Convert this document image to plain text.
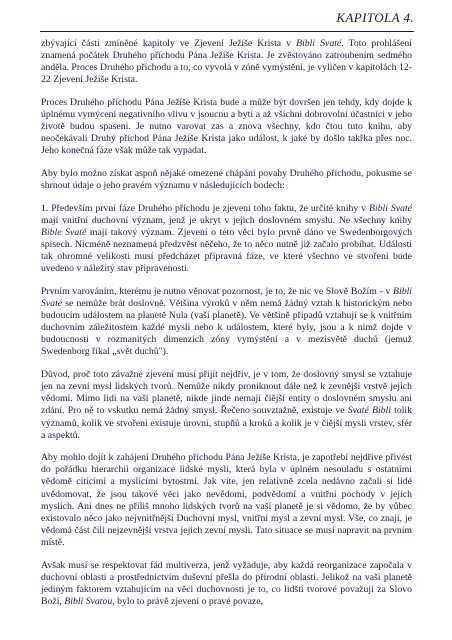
KAPITOLA 4.

zbývající části zmíněné kapitoly ve Zjevení Ježíše Krista v Bibli Svaté. Toto prohlášení znamená počátek Druhého příchodu Pána Ježíše Krista. Je zvěstováno zatroubením sedmého anděla. Proces Druhého příchodu a to, co vyvolá v zóně vymýstění, je vyličen v kapitolách 12-22 Zjevení Ježíše Krista.

Proces Druhého příchodu Pána Ježíše Krista bude a může být dovršen jen tehdy, kdy dojde k úplnému vymýcení negativního vlivu v jsoucnu a bytí a až všichni dobrovolní účastníci v jeho životě budou spaseni. Je nutno varovat zas a znova všechny, kdo čtou tuto knihu, aby neočekávali Druhý příchod Pána Ježíše Krista jako událost, k jaké by došlo takřka přes noc. Jeho konečná fáze však může tak vypadat.

Aby bylo možno získat aspoň nějaké omezené chápání povahy Druhého příchodu, pokusme se shrnout údaje o jeho pravém významu v následujících bodech:

1. Především první fáze Druhého příchodu je zjevení toho faktu, že určité knihy v Bibli Svaté mají vnitřní duchovní význam, jenž je ukryt v jejich doslovném smyslu. Ne všechny knihy Bible Svaté mají takový význam. Zjevení o této věci bylo prvně dáno ve Swedenborgových spisech. Nicméně neznamená předzvěst něčeho, že to něco nutně již začalo probíhat. Události tak ohromné velikosti musí předcházet přípravná fáze, ve které všechno ve stvoření bude uvedeno v náležitý stav připravenosti.

Prvním varováním, kterému je nutno věnovat pozornost, je to, že nic ve Slově Božím - v Bibli Svaté se nemůže brát doslovně. Většina výroků v něm nemá žádný vztah k historickým nebo budoucím událostem na planetě Nula (vaší planetě). Ve většině případů vztahují se k vnitřním duchovním záležitostem každé mysli nebo k událostem, které byly, jsou a k nimž dojde v budoucnosti v rozmanitých dimenzích zóny vymýstění a v mezisvětě duchů (jemuž Swedenborg říkal „svět duchů").

Důvod, proč toto závažné zjevení musí přijít nejdřív, je v tom, že doslovný smysl se vztahuje jen na zevní mysl lidských tvorů. Nemůže nikdy proniknout dále než k zevnější vrstvě jejich vědomí. Mimo lidi na vaší planetě, nikde jinde nemají čiější entity o doslovném smyslu ani zdání. Pro ně to vskutku nemá žádný smysl. Řečeno souvztažně, existuje ve Svaté Bibli tolik významů, kolik ve stvoření existuje úrovní, stupňů a kroků a kolik je v čiější mysli vrstev, sfér a aspektů.

Aby mohlo dojít k zahájení Druhého příchodu Pána Ježíše Krista, je zapotřebí nejdříve přivést do pořádku hierarchii organizace lidské mysli, která byla v úplném nesouladu s ostatními vědomě cítícími a myslícími bytostmi. Jak víte, jen relativně zcela nedávno začali si lidé uvědomovat, že jsou takové věci jako nevědomí, podvědomí a vnitřní pochody v jejich myslích. Ani dnes ne příliš mnoho lidských tvorů na vaší planetě je si vědomo, že by vůbec existovalo něco jako nejvnitřnější Duchovní mysl, vnitřní mysl a zevní mysl. Vše, co znají, je vědomá část čili nejzevnější vrstva jejich zevní mysli. Tato situace se musí napravit na prvním místě.

Avšak musí se respektovat fád multiverza, jenž vyžaduje, aby každá reorganizace započala v duchovní oblasti a prostřednictvím duševní přešla do přírodní oblasti. Jelikož na vaší planetě jediným faktorem vztahujícím na věci duchovnosti je to, co lidští tvorové považují za Slovo Boží, Bibli Svatou, bylo to právě zjevení o pravé povaze,
